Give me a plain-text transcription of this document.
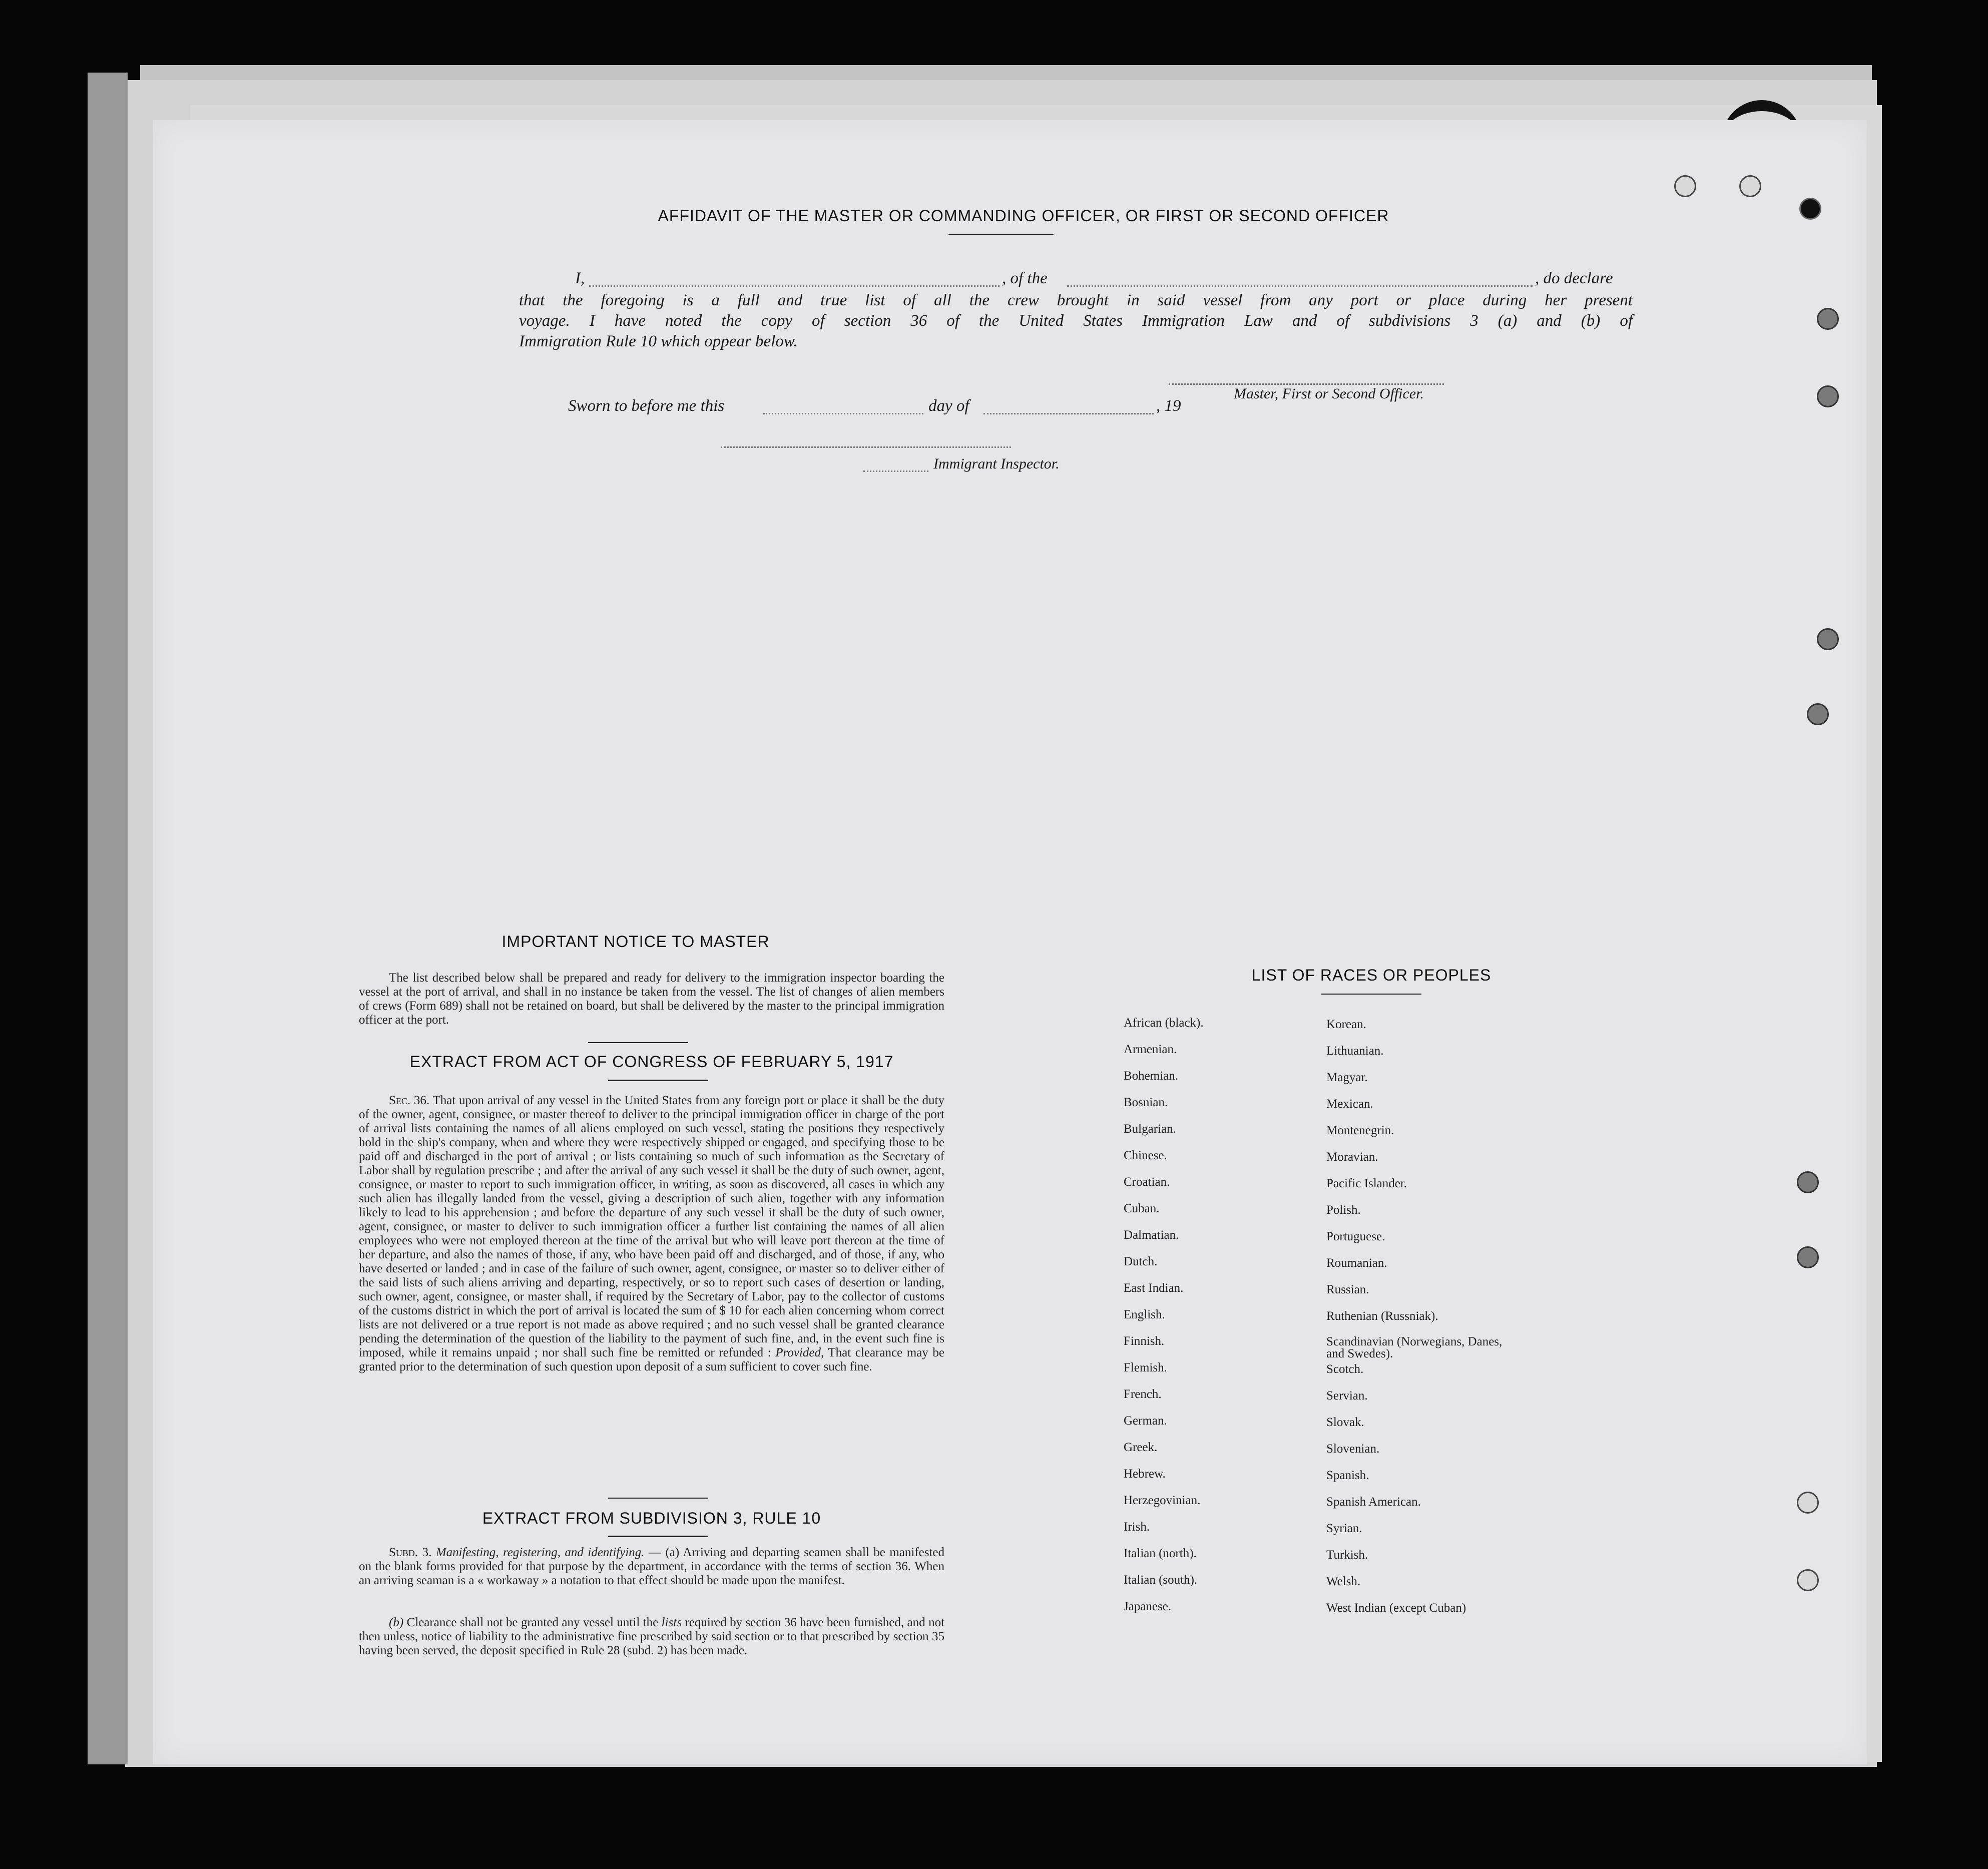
AFFIDAVIT OF THE MASTER OR COMMANDING OFFICER, OR FIRST OR SECOND OFFICER
I,	, of the	, do declare
that the foregoing is a full and true list of all the crew brought in said vessel from any port or place during her present
voyage. I have noted the copy of section 36 of the United States Immigration Law and of subdivisions 3 (a) and (b) of
Immigration Rule 10 which oppear below.
Master, First or Second Officer.
Sworn to before me this	day of	, 19
Immigrant Inspector.
IMPORTANT NOTICE TO MASTER
The list described below shall be prepared and ready for delivery to the immigration inspector boarding the vessel at the port of arrival, and shall in no instance be taken from the vessel. The list of changes of alien members of crews (Form 689) shall not be retained on board, but shall be delivered by the master to the principal immigration officer at the port.
EXTRACT FROM ACT OF CONGRESS OF FEBRUARY 5, 1917
Sec. 36. That upon arrival of any vessel in the United States from any foreign port or place it shall be the duty of the owner, agent, consignee, or master thereof to deliver to the principal immigration officer in charge of the port of arrival lists containing the names of all aliens employed on such vessel, stating the positions they respectively hold in the ship's company, when and where they were respectively shipped or engaged, and specifying those to be paid off and discharged in the port of arrival ; or lists containing so much of such information as the Secretary of Labor shall by regulation prescribe ; and after the arrival of any such vessel it shall be the duty of such owner, agent, consignee, or master to report to such immigration officer, in writing, as soon as discovered, all cases in which any such alien has illegally landed from the vessel, giving a description of such alien, together with any information likely to lead to his apprehension ; and before the departure of any such vessel it shall be the duty of such owner, agent, consignee, or master to deliver to such immigration officer a further list containing the names of all alien employees who were not employed thereon at the time of the arrival but who will leave port thereon at the time of her departure, and also the names of those, if any, who have been paid off and discharged, and of those, if any, who have deserted or landed ; and in case of the failure of such owner, agent, consignee, or master so to deliver either of the said lists of such aliens arriving and departing, respectively, or so to report such cases of desertion or landing, such owner, agent, consignee, or master shall, if required by the Secretary of Labor, pay to the collector of customs of the customs district in which the port of arrival is located the sum of $ 10 for each alien concerning whom correct lists are not delivered or a true report is not made as above required ; and no such vessel shall be granted clearance pending the determination of the question of the liability to the payment of such fine, and, in the event such fine is imposed, while it remains unpaid ; nor shall such fine be remitted or refunded : Provided, That clearance may be granted prior to the determination of such question upon deposit of a sum sufficient to cover such fine.
EXTRACT FROM SUBDIVISION 3, RULE 10
Subd. 3. Manifesting, registering, and identifying. — (a) Arriving and departing seamen shall be manifested on the blank forms provided for that purpose by the department, in accordance with the terms of section 36. When an arriving seaman is a « workaway » a notation to that effect should be made upon the manifest.
(b) Clearance shall not be granted any vessel until the lists required by section 36 have been furnished, and not then unless, notice of liability to the administrative fine prescribed by said section or to that prescribed by section 35 having been served, the deposit specified in Rule 28 (subd. 2) has been made.
LIST OF RACES OR PEOPLES
African (black).
Armenian.
Bohemian.
Bosnian.
Bulgarian.
Chinese.
Croatian.
Cuban.
Dalmatian.
Dutch.
East Indian.
English.
Finnish.
Flemish.
French.
German.
Greek.
Hebrew.
Herzegovinian.
Irish.
Italian (north).
Italian (south).
Japanese.
Korean.
Lithuanian.
Magyar.
Mexican.
Montenegrin.
Moravian.
Pacific Islander.
Polish.
Portuguese.
Roumanian.
Russian.
Ruthenian (Russniak).
Scandinavian (Norwegians, Danes, and Swedes).
Scotch.
Servian.
Slovak.
Slovenian.
Spanish.
Spanish American.
Syrian.
Turkish.
Welsh.
West Indian (except Cuban)
